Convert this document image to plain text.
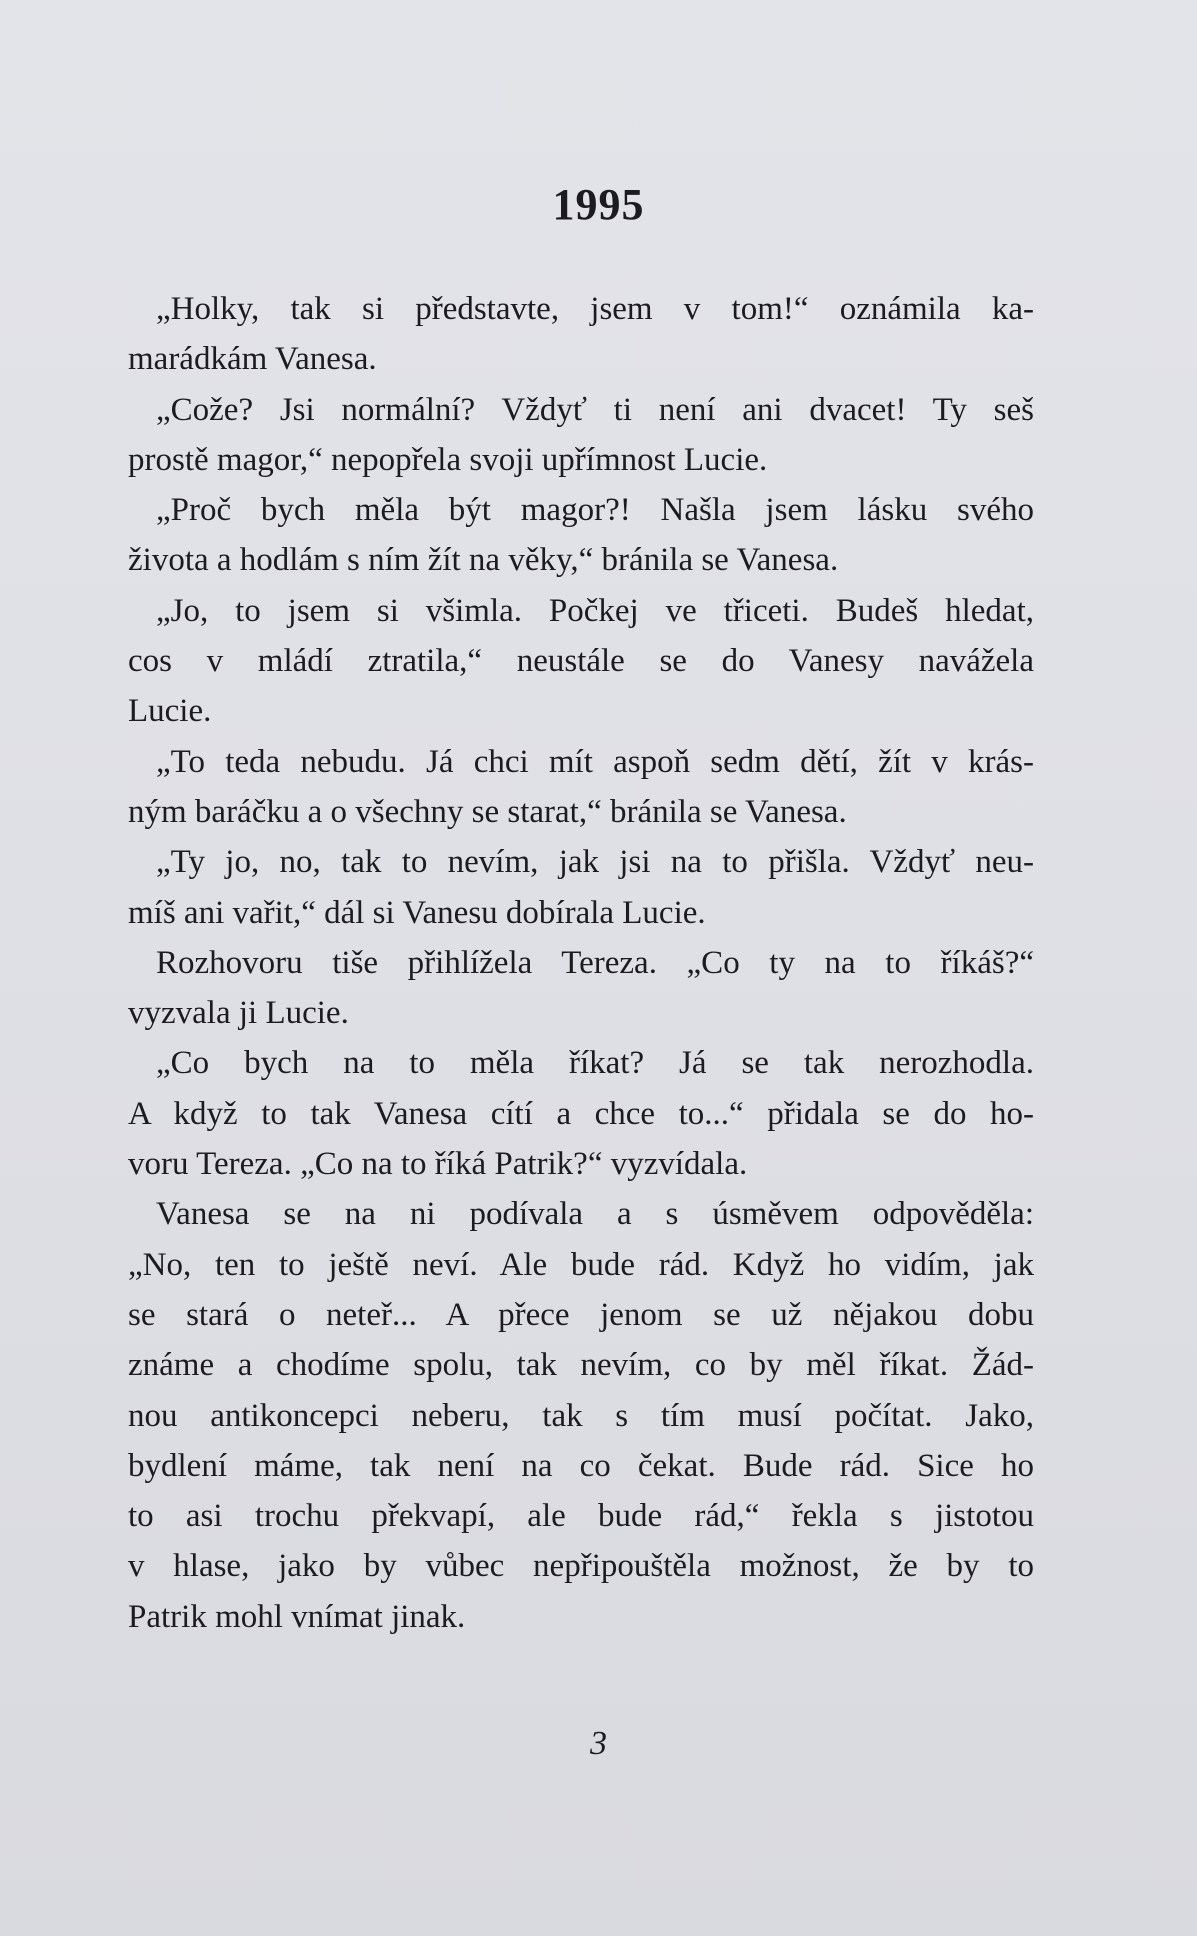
1995
„Holky, tak si představte, jsem v tom!“ oznámila ka-
marádkám Vanesa.
„Cože? Jsi normální? Vždyť ti není ani dvacet! Ty seš
prostě magor,“ nepopřela svoji upřímnost Lucie.
„Proč bych měla být magor?! Našla jsem lásku svého
života a hodlám s ním žít na věky,“ bránila se Vanesa.
„Jo, to jsem si všimla. Počkej ve třiceti. Budeš hledat,
cos v mládí ztratila,“ neustále se do Vanesy navážela
Lucie.
„To teda nebudu. Já chci mít aspoň sedm dětí, žít v krás-
ným baráčku a o všechny se starat,“ bránila se Vanesa.
„Ty jo, no, tak to nevím, jak jsi na to přišla. Vždyť neu-
míš ani vařit,“ dál si Vanesu dobírala Lucie.
Rozhovoru tiše přihlížela Tereza. „Co ty na to říkáš?“
vyzvala ji Lucie.
„Co bych na to měla říkat? Já se tak nerozhodla.
A když to tak Vanesa cítí a chce to...“ přidala se do ho-
voru Tereza. „Co na to říká Patrik?“ vyzvídala.
Vanesa se na ni podívala a s úsměvem odpověděla:
„No, ten to ještě neví. Ale bude rád. Když ho vidím, jak
se stará o neteř... A přece jenom se už nějakou dobu
známe a chodíme spolu, tak nevím, co by měl říkat. Žád-
nou antikoncepci neberu, tak s tím musí počítat. Jako,
bydlení máme, tak není na co čekat. Bude rád. Sice ho
to asi trochu překvapí, ale bude rád,“ řekla s jistotou
v hlase, jako by vůbec nepřipouštěla možnost, že by to
Patrik mohl vnímat jinak.
3
